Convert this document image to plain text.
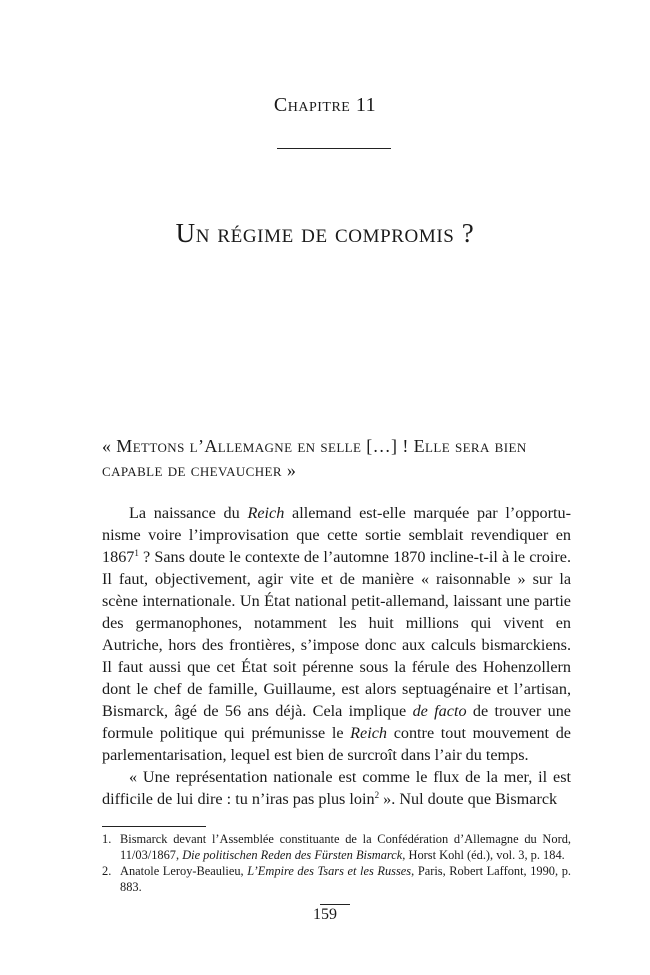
Chapitre 11
Un régime de compromis ?
« Mettons l’Allemagne en selle […] ! Elle sera bien capable de chevaucher »

La naissance du Reich allemand est-elle marquée par l’opportu-nisme voire l’improvisation que cette sortie semblait revendiquer en 1867$^1$ ? Sans doute le contexte de l’automne 1870 incline-t-il à le croire. Il faut, objectivement, agir vite et de manière « raisonnable » sur la scène internationale. Un État national petit-allemand, laissant une partie des germanophones, notamment les huit millions qui vivent en Autriche, hors des frontières, s’impose donc aux calculs bismarckiens. Il faut aussi que cet État soit pérenne sous la férule des Hohenzollern dont le chef de famille, Guillaume, est alors septuagénaire et l’artisan, Bismarck, âgé de 56 ans déjà. Cela implique de facto de trouver une formule politique qui prémunisse le Reich contre tout mouvement de parlementarisation, lequel est bien de surcroît dans l’air du temps.

« Une représentation nationale est comme le flux de la mer, il est difficile de lui dire : tu n’iras pas plus loin$^2$ ». Nul doute que Bismarck

1. Bismarck devant l’Assemblée constituante de la Confédération d’Allemagne du Nord, 11/03/1867, Die politischen Reden des Fürsten Bismarck, Horst Kohl (éd.), vol. 3, p. 184.
2. Anatole Leroy-Beaulieu, L’Empire des Tsars et les Russes, Paris, Robert Laffont, 1990, p. 883.
159
